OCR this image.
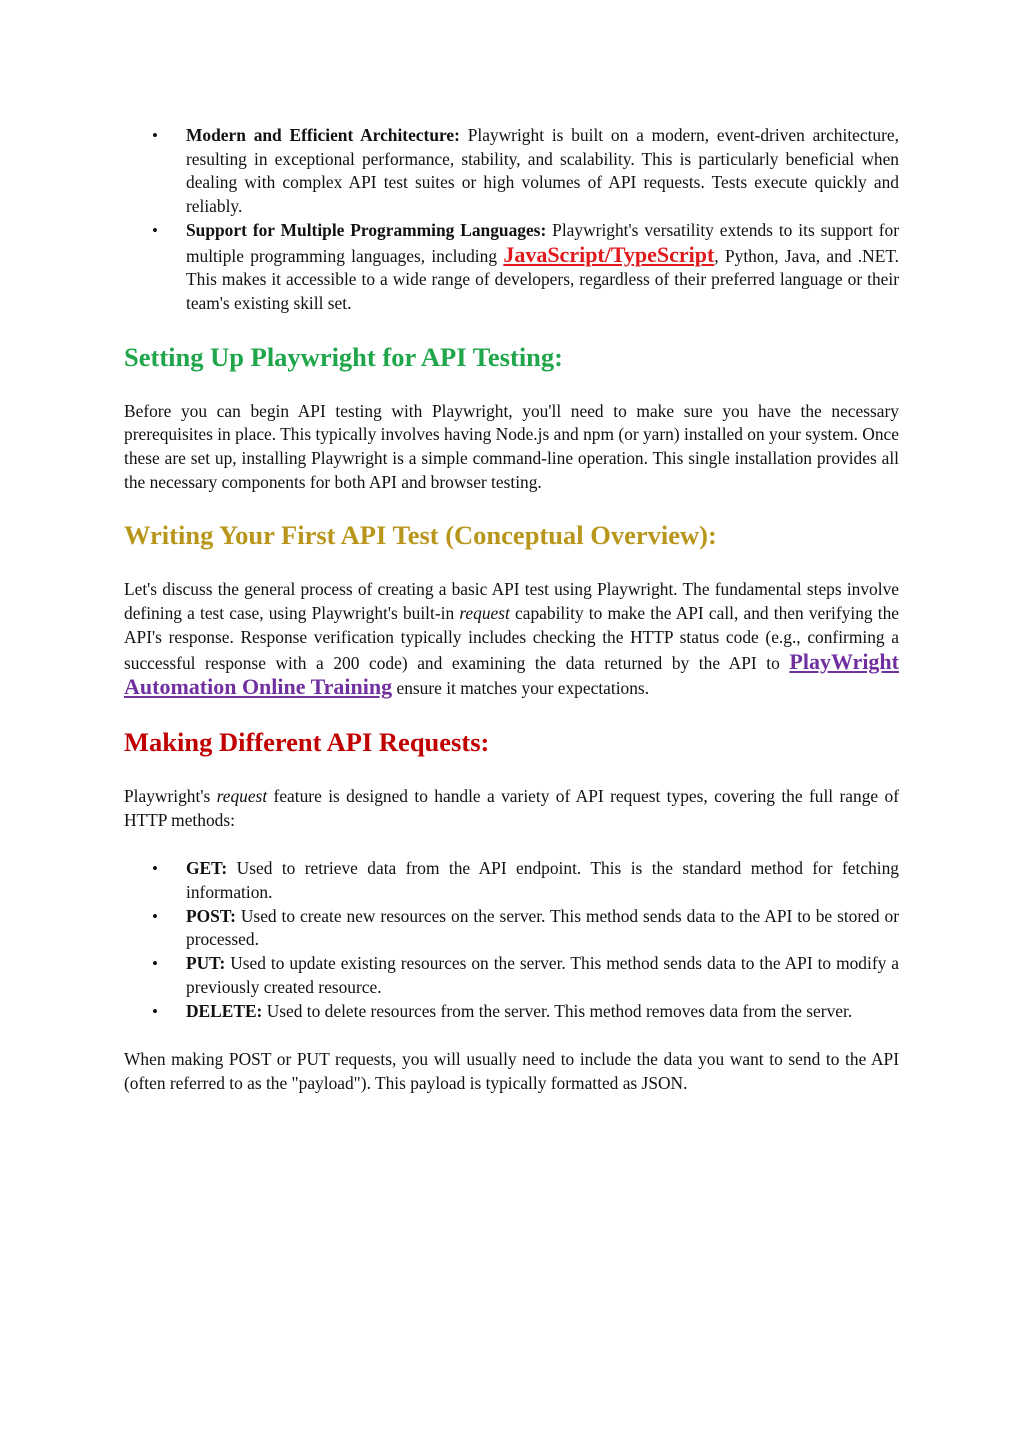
• Modern and Efficient Architecture: Playwright is built on a modern, event-driven architecture, resulting in exceptional performance, stability, and scalability. This is particularly beneficial when dealing with complex API test suites or high volumes of API requests. Tests execute quickly and reliably.
• Support for Multiple Programming Languages: Playwright's versatility extends to its support for multiple programming languages, including JavaScript/TypeScript, Python, Java, and .NET. This makes it accessible to a wide range of developers, regardless of their preferred language or their team's existing skill set.
Setting Up Playwright for API Testing:

Before you can begin API testing with Playwright, you'll need to make sure you have the necessary prerequisites in place. This typically involves having Node.js and npm (or yarn) installed on your system. Once these are set up, installing Playwright is a simple command-line operation. This single installation provides all the necessary components for both API and browser testing.

Writing Your First API Test (Conceptual Overview):

Let's discuss the general process of creating a basic API test using Playwright. The fundamental steps involve defining a test case, using Playwright's built-in request capability to make the API call, and then verifying the API's response. Response verification typically includes checking the HTTP status code (e.g., confirming a successful response with a 200 code) and examining the data returned by the API to PlayWright Automation Online Training ensure it matches your expectations.

Making Different API Requests:

Playwright's request feature is designed to handle a variety of API request types, covering the full range of HTTP methods:

• GET: Used to retrieve data from the API endpoint. This is the standard method for fetching information.
• POST: Used to create new resources on the server. This method sends data to the API to be stored or processed.
• PUT: Used to update existing resources on the server. This method sends data to the API to modify a previously created resource.
• DELETE: Used to delete resources from the server. This method removes data from the server.

When making POST or PUT requests, you will usually need to include the data you want to send to the API (often referred to as the "payload"). This payload is typically formatted as JSON.
